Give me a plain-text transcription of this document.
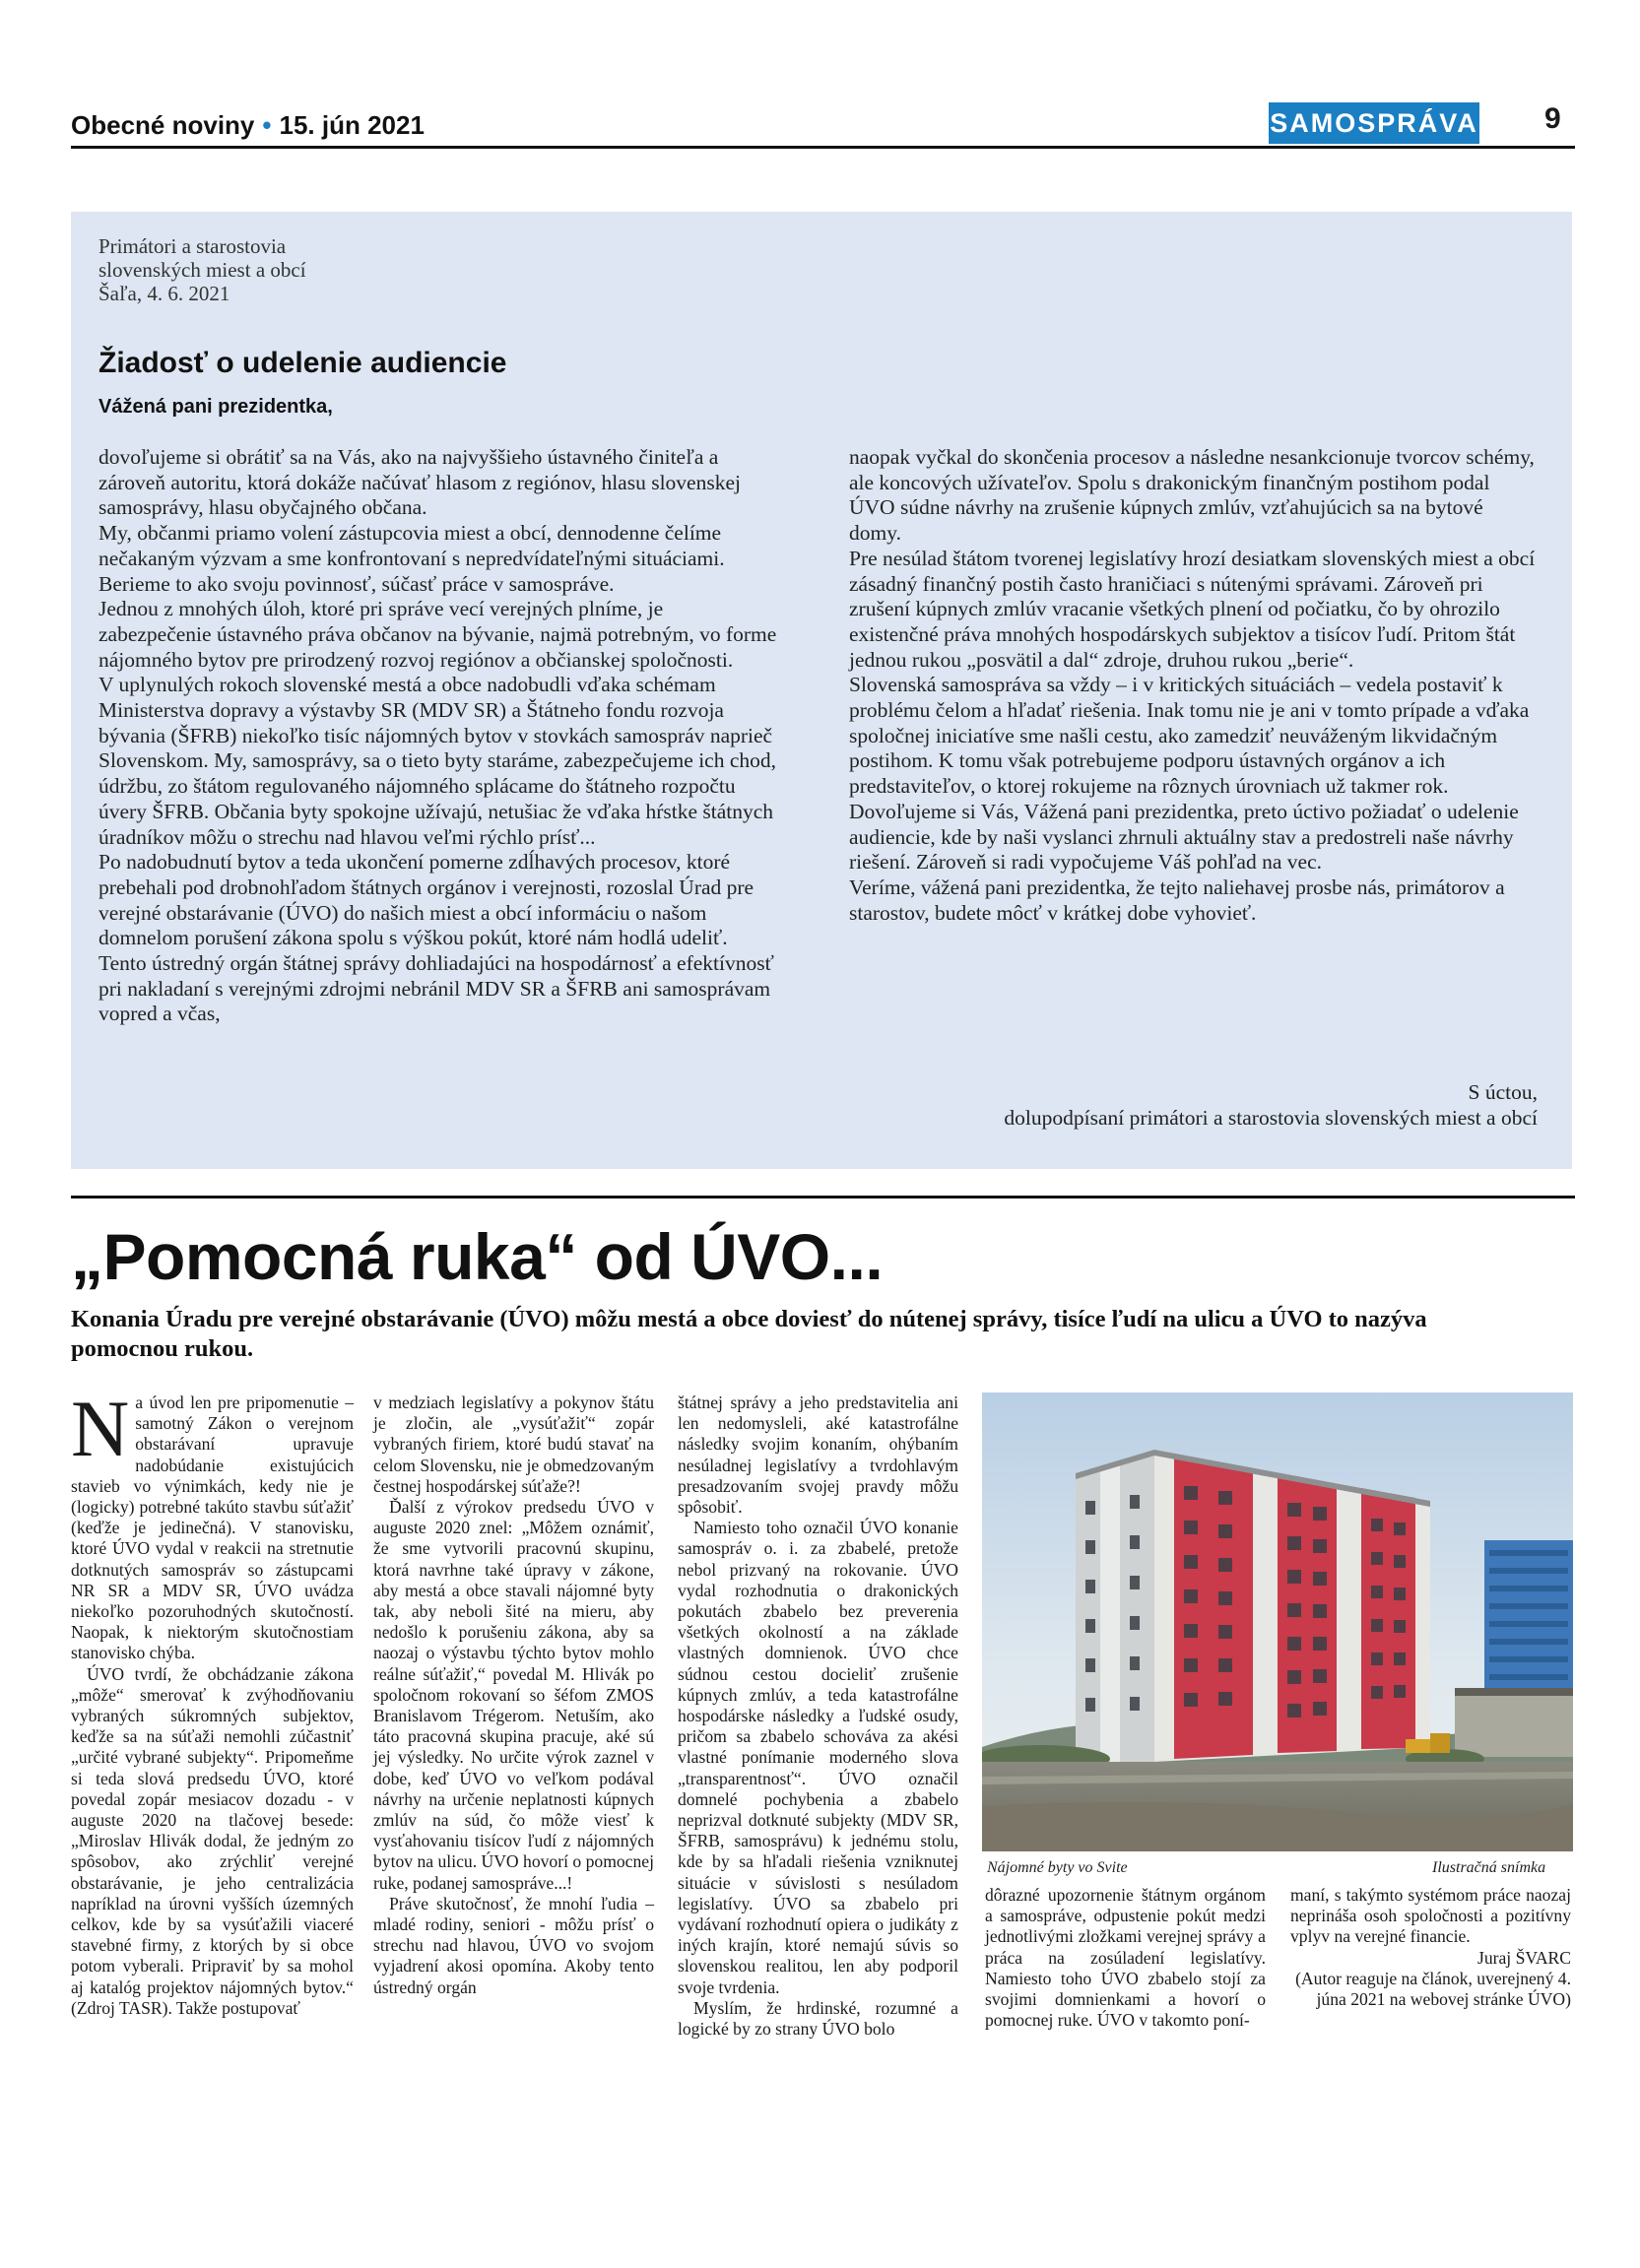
Obecné noviny • 15. jún 2021	SAMOSPRÁVA 9
Primátori a starostovia
slovenských miest a obcí
Šaľa, 4. 6. 2021
Žiadosť o udelenie audiencie
Vážená pani prezidentka,

dovoľujeme si obrátiť sa na Vás, ako na najvyššieho ústavného činiteľa a zároveň autoritu, ktorá dokáže načúvať hlasom z regiónov, hlasu slovenskej samosprávy, hlasu obyčajného občana.

My, občanmi priamo volení zástupcovia miest a obcí, dennodenne čelíme nečakaným výzvam a sme konfrontovaní s nepredvídateľnými situáciami. Berieme to ako svoju povinnosť, súčasť práce v samospráve.

Jednou z mnohých úloh, ktoré pri správe vecí verejných plníme, je zabezpečenie ústavného práva občanov na bývanie, najmä potrebným, vo forme nájomného bytov pre prirodzený rozvoj regiónov a občianskej spoločnosti.

V uplynulých rokoch slovenské mestá a obce nadobudli vďaka schémam Ministerstva dopravy a výstavby SR (MDV SR) a Štátneho fondu rozvoja bývania (ŠFRB) niekoľko tisíc nájomných bytov v stovkách samospráv naprieč Slovenskom. My, samosprávy, sa o tieto byty staráme, zabezpečujeme ich chod, údržbu, zo štátom regulovaného nájomného splácame do štátneho rozpočtu úvery ŠFRB. Občania byty spokojne užívajú, netušiac že vďaka hŕstke štátnych úradníkov môžu o strechu nad hlavou veľmi rýchlo prísť...

Po nadobudnutí bytov a teda ukončení pomerne zdĺhavých procesov, ktoré prebehali pod drobnohľadom štátnych orgánov i verejnosti, rozoslal Úrad pre verejné obstarávanie (ÚVO) do našich miest a obcí informáciu o našom domnelom porušení zákona spolu s výškou pokút, ktoré nám hodlá udeliť. Tento ústredný orgán štátnej správy dohliadajúci na hospodárnosť a efektívnosť pri nakladaní s verejnými zdrojmi nebránil MDV SR a ŠFRB ani samosprávam vopred a včas,

naopak vyčkal do skončenia procesov a následne nesankcionuje tvorcov schémy, ale koncových užívateľov. Spolu s drakonickým finančným postihom podal ÚVO súdne návrhy na zrušenie kúpnych zmlúv, vzťahujúcich sa na bytové domy.

Pre nesúlad štátom tvorenej legislatívy hrozí desiatkam slovenských miest a obcí zásadný finančný postih často hraničiaci s nútenými správami. Zároveň pri zrušení kúpnych zmlúv vracanie všetkých plnení od počiatku, čo by ohrozilo existenčné práva mnohých hospodárskych subjektov a tisícov ľudí. Pritom štát jednou rukou „posvätil a dal“ zdroje, druhou rukou „berie“.

Slovenská samospráva sa vždy – i v kritických situáciách – vedela postaviť k problému čelom a hľadať riešenia. Inak tomu nie je ani v tomto prípade a vďaka spoločnej iniciatíve sme našli cestu, ako zamedziť neuváženým likvidačným postihom. K tomu však potrebujeme podporu ústavných orgánov a ich predstaviteľov, o ktorej rokujeme na rôznych úrovniach už takmer rok.

Dovoľujeme si Vás, Vážená pani prezidentka, preto úctivo požiadať o udelenie audiencie, kde by naši vyslanci zhrnuli aktuálny stav a predostreli naše návrhy riešení. Zároveň si radi vypočujeme Váš pohľad na vec.

Veríme, vážená pani prezidentka, že tejto naliehavej prosbe nás, primátorov a starostov, budete môcť v krátkej dobe vyhovieť.

S úctou,
dolupodpísaní primátori a starostovia slovenských miest a obcí
„Pomocná ruka“ od ÚVO...
Konania Úradu pre verejné obstarávanie (ÚVO) môžu mestá a obce doviesť do nútenej správy, tisíce ľudí na ulicu a ÚVO to nazýva pomocnou rukou.

Na úvod len pre pripomenutie – samotný Zákon o verejnom obstarávaní upravuje nadobúdanie existujúcich stavieb vo výnimkách, kedy nie je (logicky) potrebné takúto stavbu súťažiť (keďže je jedinečná). V stanovisku, ktoré ÚVO vydal v reakcii na stretnutie dotknutých samospráv so zástupcami NR SR a MDV SR, ÚVO uvádza niekoľko pozoruhodných skutočností. Naopak, k niektorým skutočnostiam stanovisko chýba.

ÚVO tvrdí, že obchádzanie zákona „môže“ smerovať k zvýhodňovaniu vybraných súkromných subjektov, keďže sa na súťaži nemohli zúčastniť „určité vybrané subjekty“. Pripomeňme si teda slová predsedu ÚVO, ktoré povedal zopár mesiacov dozadu - v auguste 2020 na tlačovej besede: „Miroslav Hlivák dodal, že jedným zo spôsobov, ako zrýchliť verejné obstarávanie, je jeho centralizácia napríklad na úrovni vyšších územných celkov, kde by sa vysúťažili viaceré stavebné firmy, z ktorých by si obce potom vyberali. Pripraviť by sa mohol aj katalóg projektov nájomných bytov.“ (Zdroj TASR). Takže postupovať

v medziach legislatívy a pokynov štátu je zločin, ale „vysúťažiť“ zopár vybraných firiem, ktoré budú stavať na celom Slovensku, nie je obmedzovaným čestnej hospodárskej súťaže?!

Ďalší z výrokov predsedu ÚVO v auguste 2020 znel: „Môžem oznámiť, že sme vytvorili pracovnú skupinu, ktorá navrhne také úpravy v zákone, aby mestá a obce stavali nájomné byty tak, aby neboli šité na mieru, aby nedošlo k porušeniu zákona, aby sa naozaj o výstavbu týchto bytov mohlo reálne súťažiť,“ povedal M. Hlivák po spoločnom rokovaní so šéfom ZMOS Branislavom Trégerom. Netuším, ako táto pracovná skupina pracuje, aké sú jej výsledky. No určite výrok zaznel v dobe, keď ÚVO vo veľkom podával návrhy na určenie neplatnosti kúpnych zmlúv na súd, čo môže viesť k vysťahovaniu tisícov ľudí z nájomných bytov na ulicu. ÚVO hovorí o pomocnej ruke, podanej samospráve...!

Práve skutočnosť, že mnohí ľudia – mladé rodiny, seniori - môžu prísť o strechu nad hlavou, ÚVO vo svojom vyjadrení akosi opomína. Akoby tento ústredný orgán

štátnej správy a jeho predstavitelia ani len nedomysleli, aké katastrofálne následky svojim konaním, ohýbaním nesúladnej legislatívy a tvrdohlavým presadzovaním svojej pravdy môžu spôsobiť.

Namiesto toho označil ÚVO konanie samospráv o. i. za zbabelé, pretože nebol prizvaný na rokovanie. ÚVO vydal rozhodnutia o drakonických pokutách zbabelo bez preverenia všetkých okolností a na základe vlastných domnienok. ÚVO chce súdnou cestou docieliť zrušenie kúpnych zmlúv, a teda katastrofálne hospodárske následky a ľudské osudy, pričom sa zbabelo schováva za akési vlastné ponímanie moderného slova „transparentnosť“. ÚVO označil domnelé pochybenia a zbabelo neprizval dotknuté subjekty (MDV SR, ŠFRB, samosprávu) k jednému stolu, kde by sa hľadali riešenia vzniknutej situácie v súvislosti s nesúladom legislatívy. ÚVO sa zbabelo pri vydávaní rozhodnutí opiera o judikáty z iných krajín, ktoré nemajú súvis so slovenskou realitou, len aby podporil svoje tvrdenia.

Myslím, že hrdinské, rozumné a logické by zo strany ÚVO bolo

Nájomné byty vo Svite	Ilustračná snímka

dôrazné upozornenie štátnym orgánom a samospráve, odpustenie pokút medzi jednotlivými zložkami verejnej správy a práca na zosúladení legislatívy. Namiesto toho ÚVO zbabelo stojí za svojimi domnienkami a hovorí o pomocnej ruke. ÚVO v takomto poní-

maní, s takýmto systémom práce naozaj neprináša osoh spoločnosti a pozitívny vplyv na verejné financie.

Juraj ŠVARC

(Autor reaguje na článok, uverejnený 4. júna 2021 na webovej stránke ÚVO)
